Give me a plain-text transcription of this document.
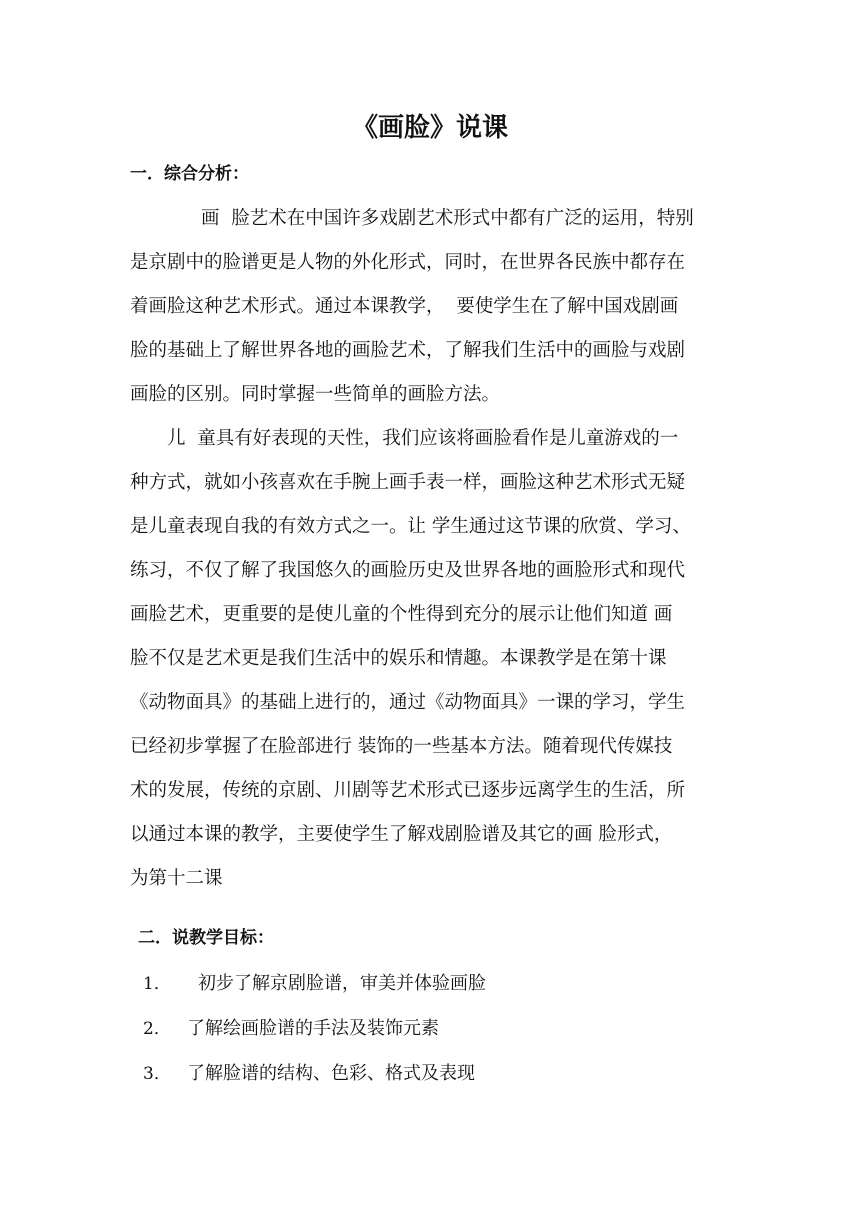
《画脸》说课
一．综合分析：
画  脸艺术在中国许多戏剧艺术形式中都有广泛的运用，特别
是京剧中的脸谱更是人物的外化形式，同时，在世界各民族中都存在
着画脸这种艺术形式。通过本课教学，  要使学生在了解中国戏剧画
脸的基础上了解世界各地的画脸艺术，了解我们生活中的画脸与戏剧
画脸的区别。同时掌握一些简单的画脸方法。
儿  童具有好表现的天性，我们应该将画脸看作是儿童游戏的一
种方式，就如小孩喜欢在手腕上画手表一样，画脸这种艺术形式无疑
是儿童表现自我的有效方式之一。让 学生通过这节课的欣赏、学习、
练习，不仅了解了我国悠久的画脸历史及世界各地的画脸形式和现代
画脸艺术，更重要的是使儿童的个性得到充分的展示让他们知道 画
脸不仅是艺术更是我们生活中的娱乐和情趣。本课教学是在第十课
《动物面具》的基础上进行的，通过《动物面具》一课的学习，学生
已经初步掌握了在脸部进行 装饰的一些基本方法。随着现代传媒技
术的发展，传统的京剧、川剧等艺术形式已逐步远离学生的生活，所
以通过本课的教学，主要使学生了解戏剧脸谱及其它的画 脸形式，
为第十二课
二．说教学目标：
1． 初步了解京剧脸谱，审美并体验画脸
2． 了解绘画脸谱的手法及装饰元素
3． 了解脸谱的结构、色彩、格式及表现
